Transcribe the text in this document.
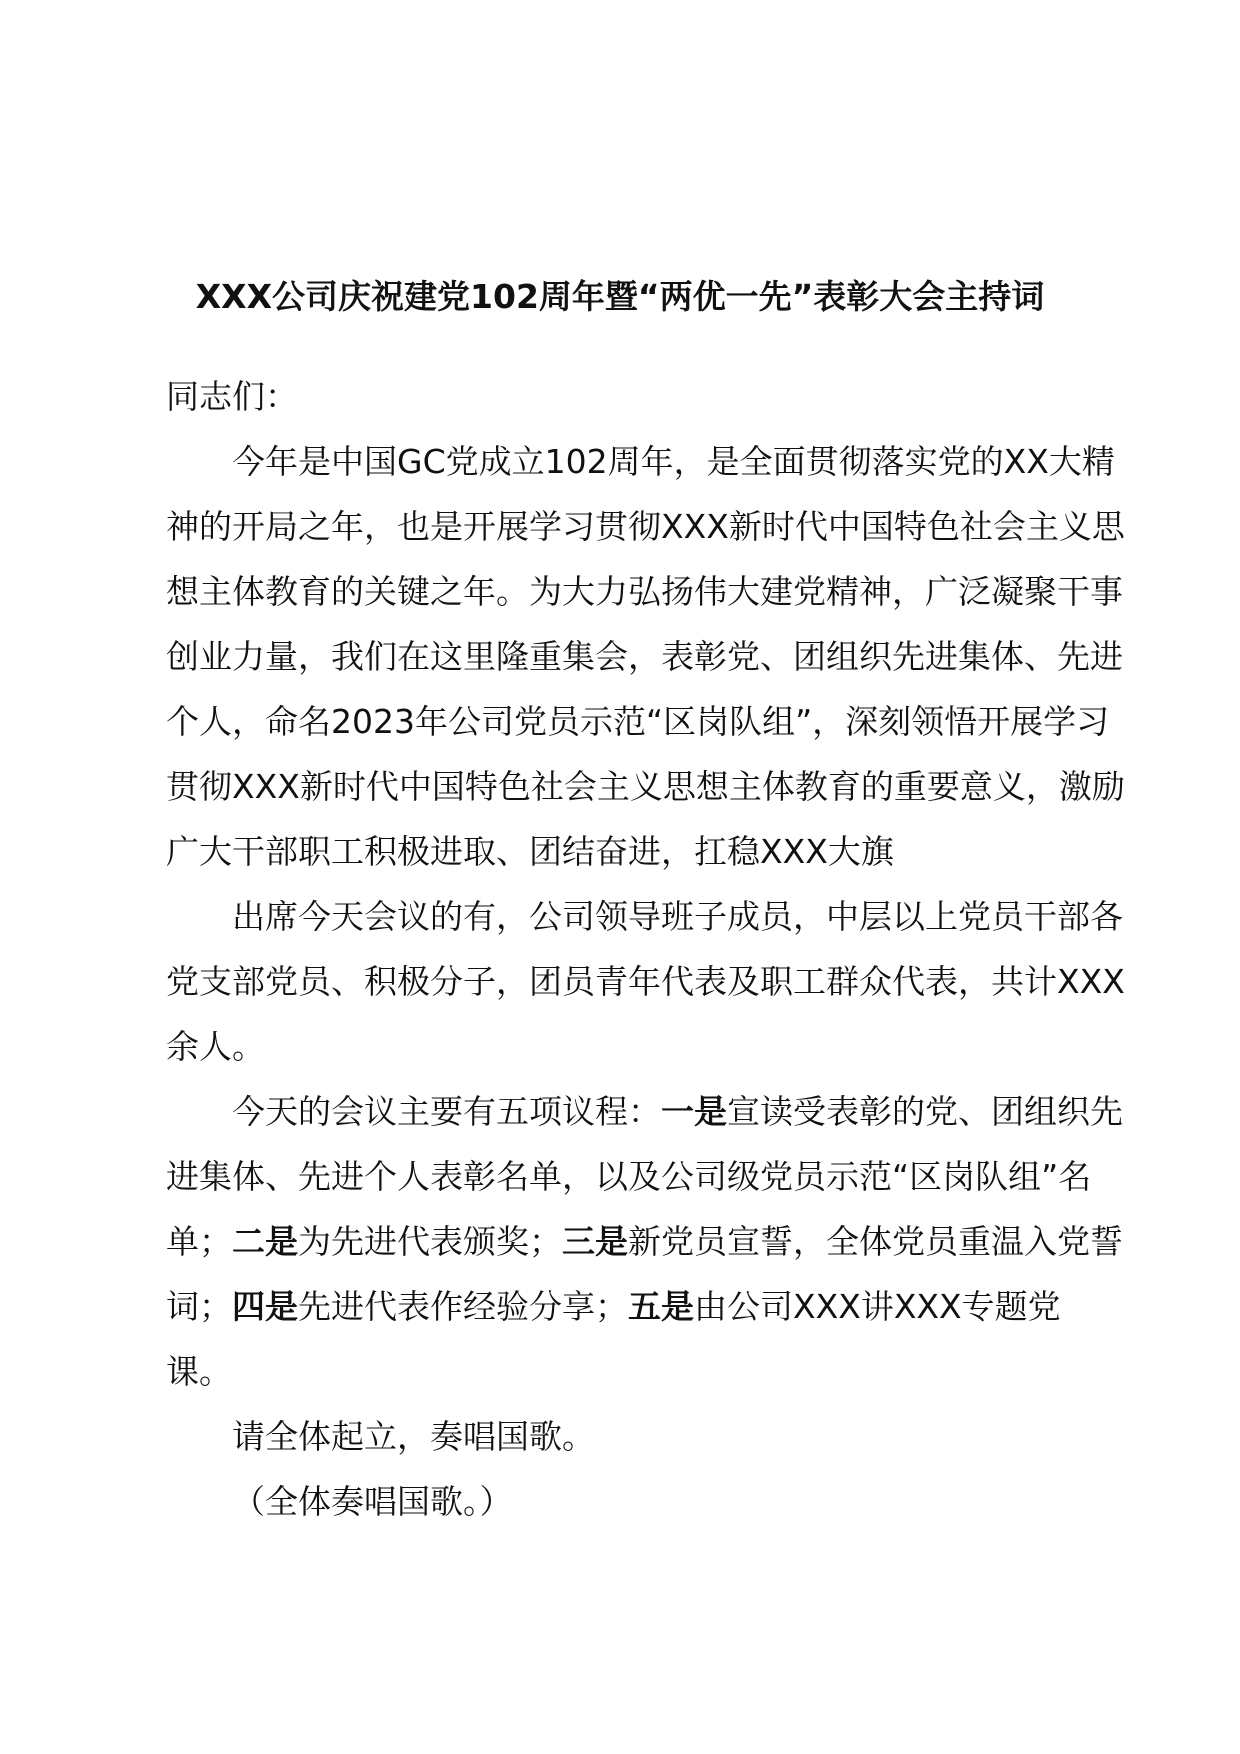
XXX公司庆祝建党102周年暨“两优一先”表彰大会主持词

同志们：

今年是中国GC党成立102周年，是全面贯彻落实党的XX大精神的开局之年，也是开展学习贯彻XXX新时代中国特色社会主义思想主体教育的关键之年。为大力弘扬伟大建党精神，广泛凝聚干事创业力量，我们在这里隆重集会，表彰党、团组织先进集体、先进个人，命名2023年公司党员示范“区岗队组”，深刻领悟开展学习贯彻XXX新时代中国特色社会主义思想主体教育的重要意义，激励广大干部职工积极进取、团结奋进，扛稳XXX大旗

出席今天会议的有，公司领导班子成员，中层以上党员干部各党支部党员、积极分子，团员青年代表及职工群众代表，共计XXX余人。

今天的会议主要有五项议程：一是宣读受表彰的党、团组织先进集体、先进个人表彰名单，以及公司级党员示范“区岗队组”名单；二是为先进代表颁奖；三是新党员宣誓，全体党员重温入党誓词；四是先进代表作经验分享；五是由公司XXX讲XXX专题党课。

请全体起立，奏唱国歌。

（全体奏唱国歌。）
